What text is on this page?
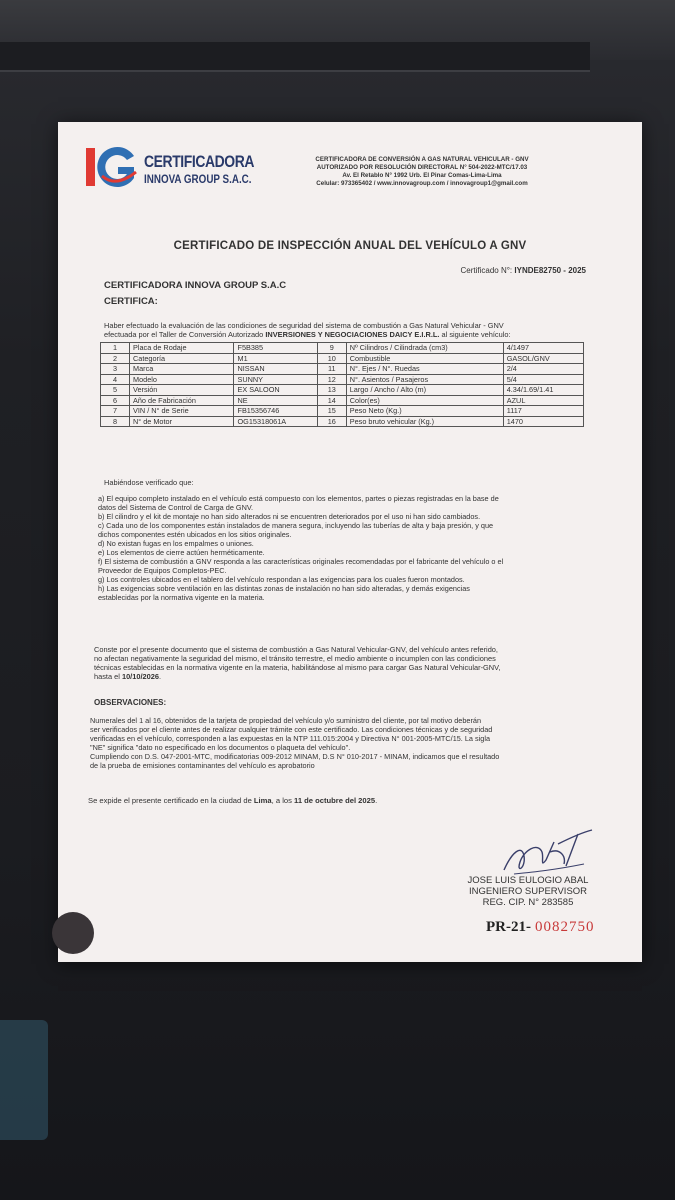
CERTIFICADORA
INNOVA GROUP S.A.C.
CERTIFICADORA DE CONVERSIÓN A GAS NATURAL VEHICULAR - GNV
AUTORIZADO POR RESOLUCIÓN DIRECTORAL N° 504-2022-MTC/17.03
Av. El Retablo N° 1992 Urb. El Pinar Comas-Lima-Lima
Celular: 973365402 / www.innovagroup.com / innovagroup1@gmail.com
CERTIFICADO DE INSPECCIÓN ANUAL DEL VEHÍCULO A GNV
Certificado N°: IYNDE82750 - 2025
CERTIFICADORA INNOVA GROUP S.A.C
CERTIFICA:
Haber efectuado la evaluación de las condiciones de seguridad del sistema de combustión a Gas Natural Vehicular - GNV
efectuada por el Taller de Conversión Autorizado INVERSIONES Y NEGOCIACIONES DAICY E.I.R.L. al siguiente vehículo:
1	Placa de Rodaje	F5B385	9	Nº Cilindros / Cilindrada (cm3)	4/1497
2	Categoría	M1	10	Combustible	GASOL/GNV
3	Marca	NISSAN	11	N°. Ejes / N°. Ruedas	2/4
4	Modelo	SUNNY	12	N°. Asientos / Pasajeros	5/4
5	Versión	EX SALOON	13	Largo / Ancho / Alto (m)	4.34/1.69/1.41
6	Año de Fabricación	NE	14	Color(es)	AZUL
7	VIN / N° de Serie	FB15356746	15	Peso Neto (Kg.)	1117
8	N° de Motor	OG15318061A	16	Peso bruto vehicular (Kg.)	1470
Habiéndose verificado que:

a) El equipo completo instalado en el vehículo está compuesto con los elementos, partes o piezas registradas en la base de
datos del Sistema de Control de Carga de GNV.

b) El cilindro y el kit de montaje no han sido alterados ni se encuentren deteriorados por el uso ni han sido cambiados.

c) Cada uno de los componentes están instalados de manera segura, incluyendo las tuberías de alta y baja presión, y que
dichos componentes estén ubicados en los sitios originales.

d) No existan fugas en los empalmes o uniones.

e) Los elementos de cierre actúen herméticamente.

f) El sistema de combustión a GNV responda a las características originales recomendadas por el fabricante del vehículo o el
Proveedor de Equipos Completos-PEC.

g) Los controles ubicados en el tablero del vehículo respondan a las exigencias para los cuales fueron montados.

h) Las exigencias sobre ventilación en las distintas zonas de instalación no han sido alteradas, y demás exigencias
establecidas por la normativa vigente en la materia.

Conste por el presente documento que el sistema de combustión a Gas Natural Vehicular-GNV, del vehículo antes referido,
no afectan negativamente la seguridad del mismo, el tránsito terrestre, el medio ambiente o incumplen con las condiciones
técnicas establecidas en la normativa vigente en la materia, habilitándose al mismo para cargar Gas Natural Vehicular-GNV,
hasta el 10/10/2026.
OBSERVACIONES:

Numerales del 1 al 16, obtenidos de la tarjeta de propiedad del vehículo y/o suministro del cliente, por tal motivo deberán

ser verificados por el cliente antes de realizar cualquier trámite con este certificado. Las condiciones técnicas y de seguridad

verificadas en el vehículo, corresponden a las expuestas en la NTP 111.015:2004 y Directiva N° 001-2005-MTC/15. La sigla

"NE" significa "dato no especificado en los documentos o plaqueta del vehículo".

Cumpliendo con D.S. 047-2001-MTC, modificatorias 009-2012 MINAM, D.S N° 010-2017 - MINAM, indicamos que el resultado

de la prueba de emisiones contaminantes del vehículo es aprobatorio

Se expide el presente certificado en la ciudad de Lima, a los 11 de octubre del 2025.
JOSE LUIS EULOGIO ABAL
INGENIERO SUPERVISOR
REG. CIP. N° 283585
PR-21- 0082750
